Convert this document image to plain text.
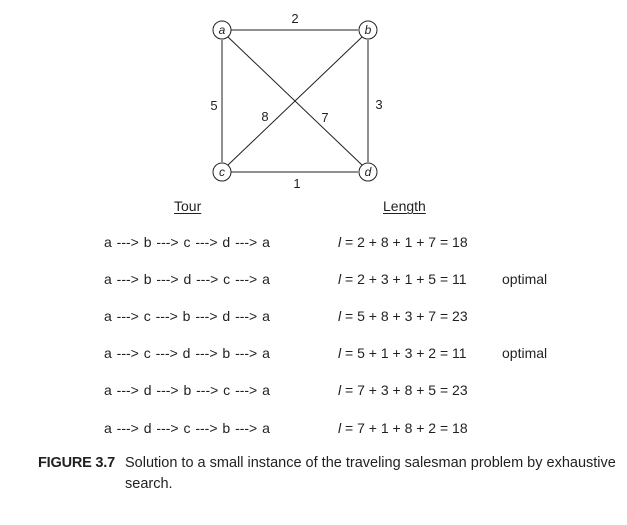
a	b
c	d
2
5
7
8
3
1
Tour	Length
a ---> b ---> c ---> d ---> a	l = 2 + 8 + 1 + 7 = 18
a ---> b ---> d ---> c ---> a	l = 2 + 3 + 1 + 5 = 11	optimal
a ---> c ---> b ---> d ---> a	l = 5 + 8 + 3 + 7 = 23
a ---> c ---> d ---> b ---> a	l = 5 + 1 + 3 + 2 = 11	optimal
a ---> d ---> b ---> c ---> a	l = 7 + 3 + 8 + 5 = 23
a ---> d ---> c ---> b ---> a	l = 7 + 1 + 8 + 2 = 18
FIGURE 3.7 Solution to a small instance of the traveling salesman problem by exhaustive search.
